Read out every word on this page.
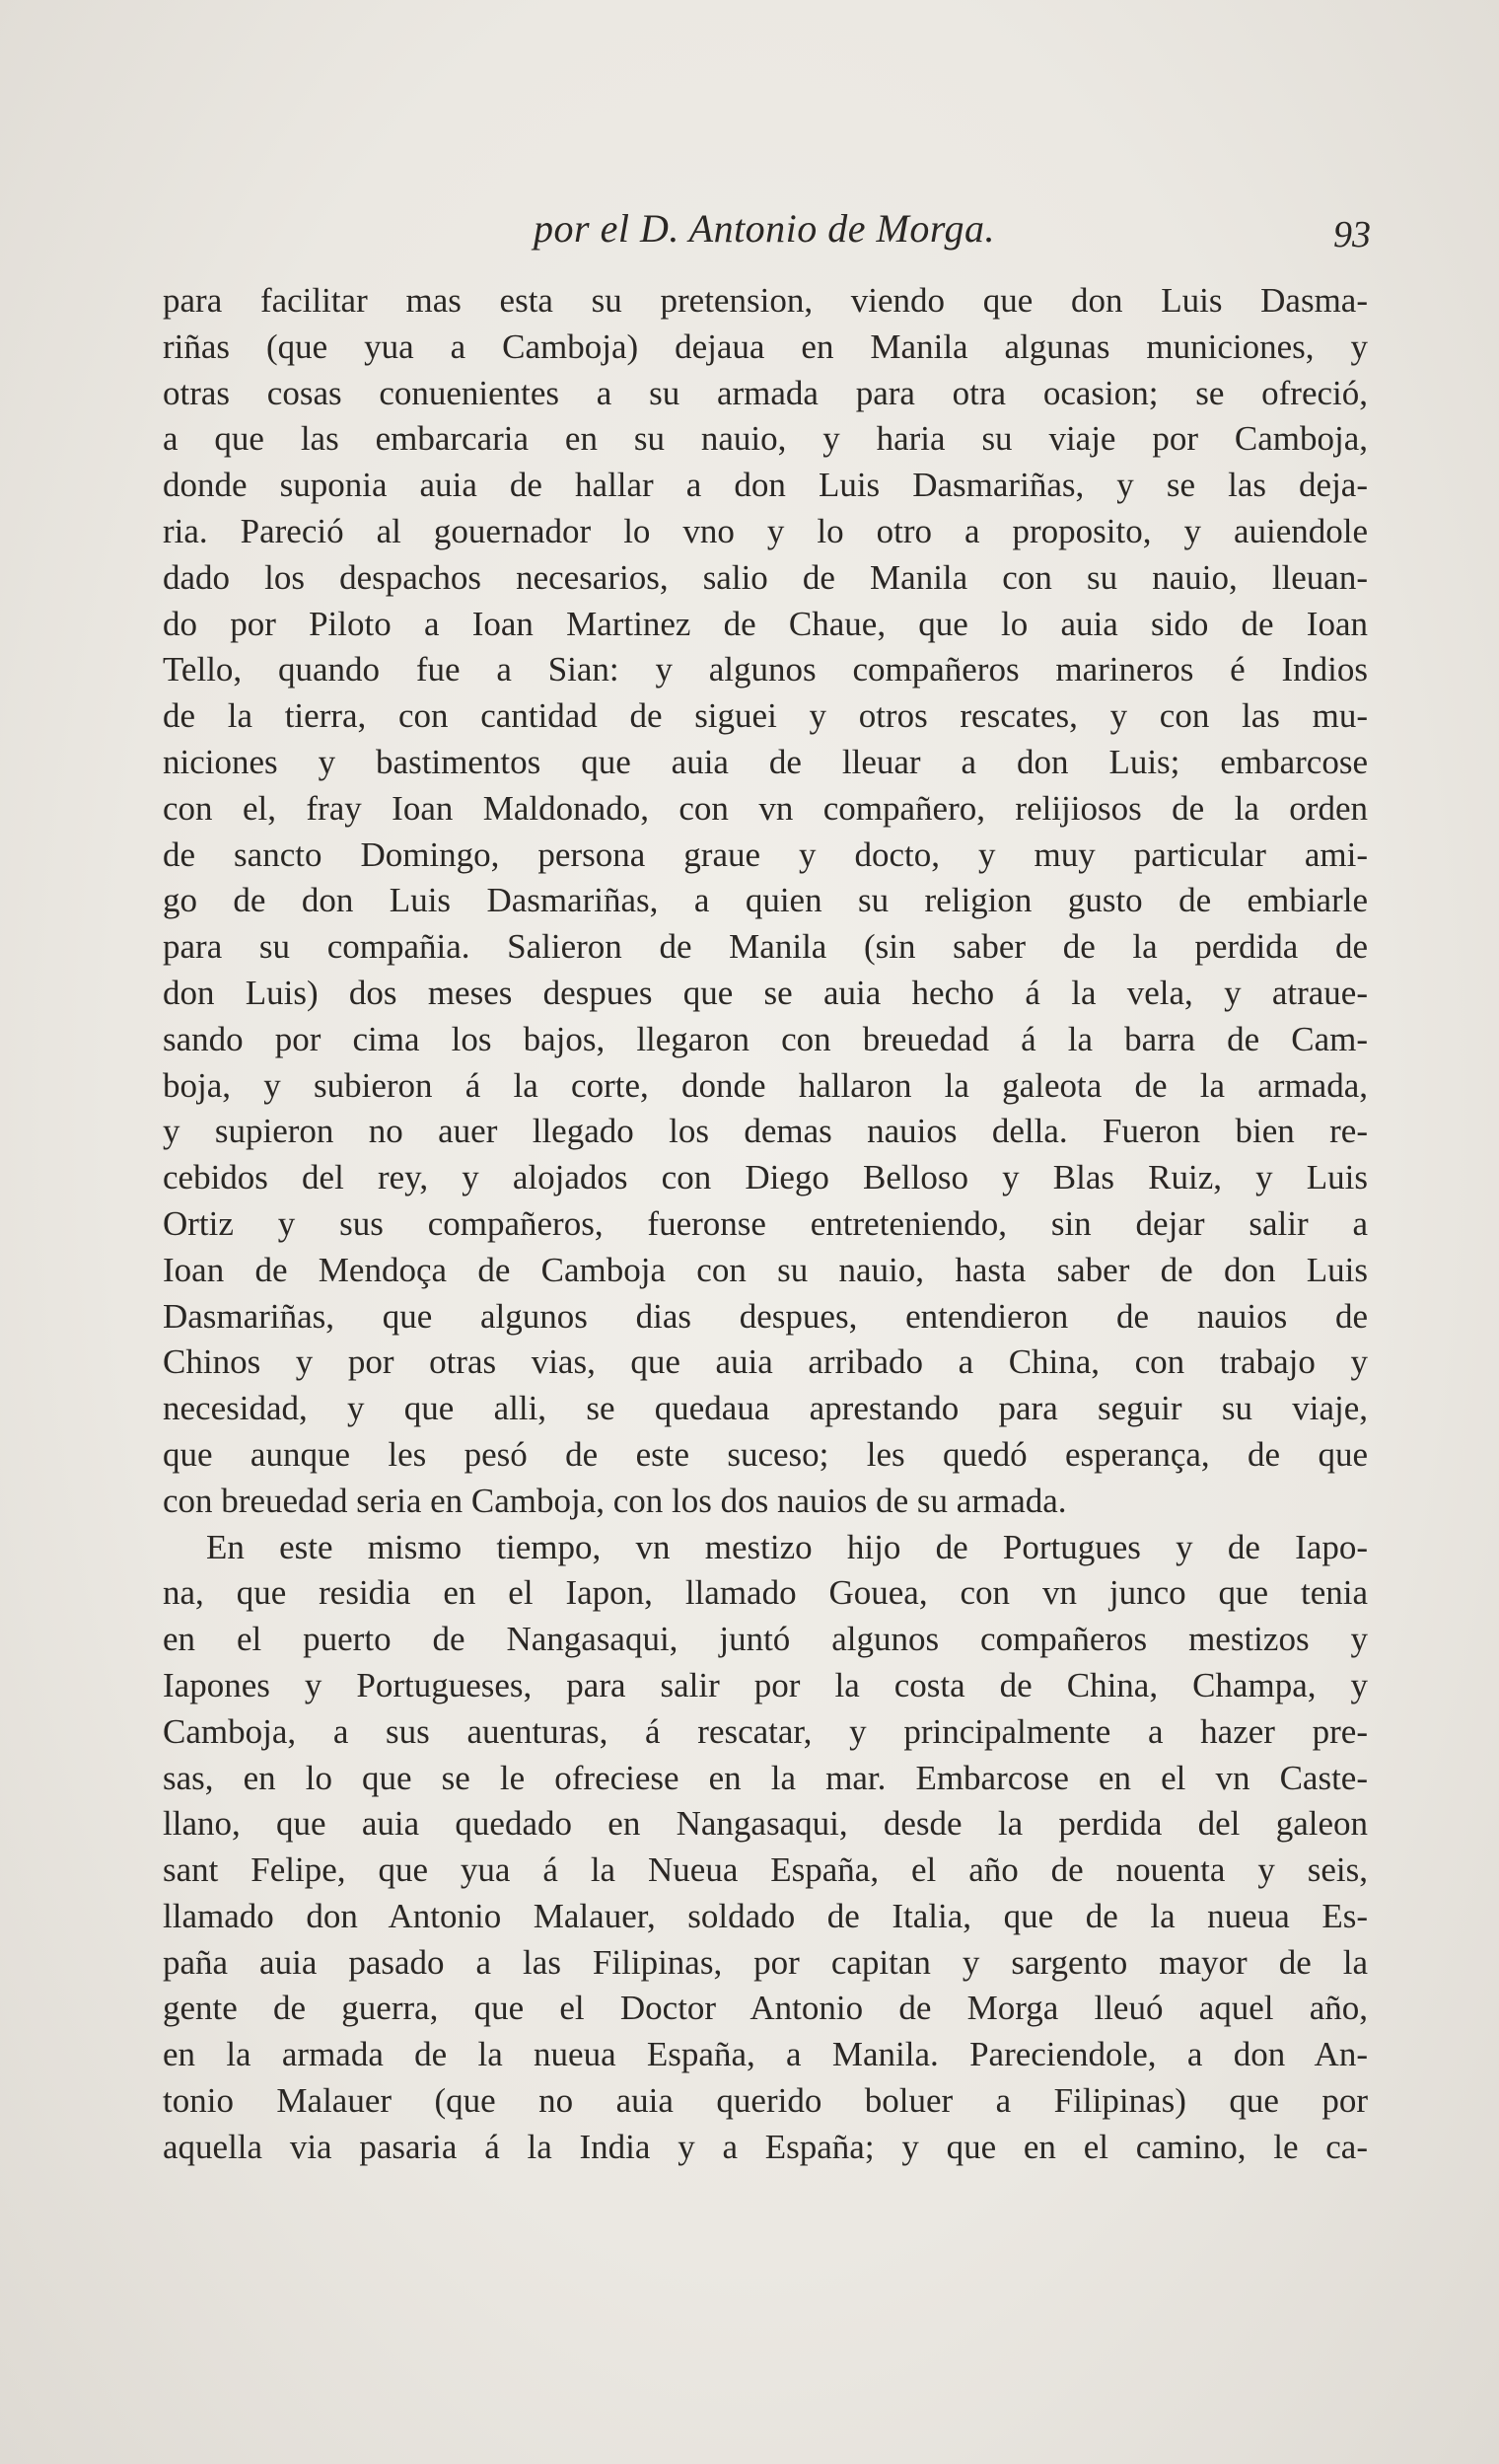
por el D. Antonio de Morga.	93
para facilitar mas esta su pretension, viendo que don Luis Dasma-
riñas (que yua a Camboja) dejaua en Manila algunas municiones, y
otras cosas conuenientes a su armada para otra ocasion; se ofreció,
a que las embarcaria en su nauio, y haria su viaje por Camboja,
donde suponia auia de hallar a don Luis Dasmariñas, y se las deja-
ria. Pareció al gouernador lo vno y lo otro a proposito, y auiendole
dado los despachos necesarios, salio de Manila con su nauio, lleuan-
do por Piloto a Ioan Martinez de Chaue, que lo auia sido de Ioan
Tello, quando fue a Sian: y algunos compañeros marineros é Indios
de la tierra, con cantidad de siguei y otros rescates, y con las mu-
niciones y bastimentos que auia de lleuar a don Luis; embarcose
con el, fray Ioan Maldonado, con vn compañero, relijiosos de la orden
de sancto Domingo, persona graue y docto, y muy particular ami-
go de don Luis Dasmariñas, a quien su religion gusto de embiarle
para su compañia. Salieron de Manila (sin saber de la perdida de
don Luis) dos meses despues que se auia hecho á la vela, y atraue-
sando por cima los bajos, llegaron con breuedad á la barra de Cam-
boja, y subieron á la corte, donde hallaron la galeota de la armada,
y supieron no auer llegado los demas nauios della. Fueron bien re-
cebidos del rey, y alojados con Diego Belloso y Blas Ruiz, y Luis
Ortiz y sus compañeros, fueronse entreteniendo, sin dejar salir a
Ioan de Mendoça de Camboja con su nauio, hasta saber de don Luis
Dasmariñas, que algunos dias despues, entendieron de nauios de
Chinos y por otras vias, que auia arribado a China, con trabajo y
necesidad, y que alli, se quedaua aprestando para seguir su viaje,
que aunque les pesó de este suceso; les quedó esperança, de que
con breuedad seria en Camboja, con los dos nauios de su armada.
En este mismo tiempo, vn mestizo hijo de Portugues y de Iapo-
na, que residia en el Iapon, llamado Gouea, con vn junco que tenia
en el puerto de Nangasaqui, juntó algunos compañeros mestizos y
Iapones y Portugueses, para salir por la costa de China, Champa, y
Camboja, a sus auenturas, á rescatar, y principalmente a hazer pre-
sas, en lo que se le ofreciese en la mar. Embarcose en el vn Caste-
llano, que auia quedado en Nangasaqui, desde la perdida del galeon
sant Felipe, que yua á la Nueua España, el año de nouenta y seis,
llamado don Antonio Malauer, soldado de Italia, que de la nueua Es-
paña auia pasado a las Filipinas, por capitan y sargento mayor de la
gente de guerra, que el Doctor Antonio de Morga lleuó aquel año,
en la armada de la nueua España, a Manila. Pareciendole, a don An-
tonio Malauer (que no auia querido boluer a Filipinas) que por
aquella via pasaria á la India y a España; y que en el camino, le ca-
